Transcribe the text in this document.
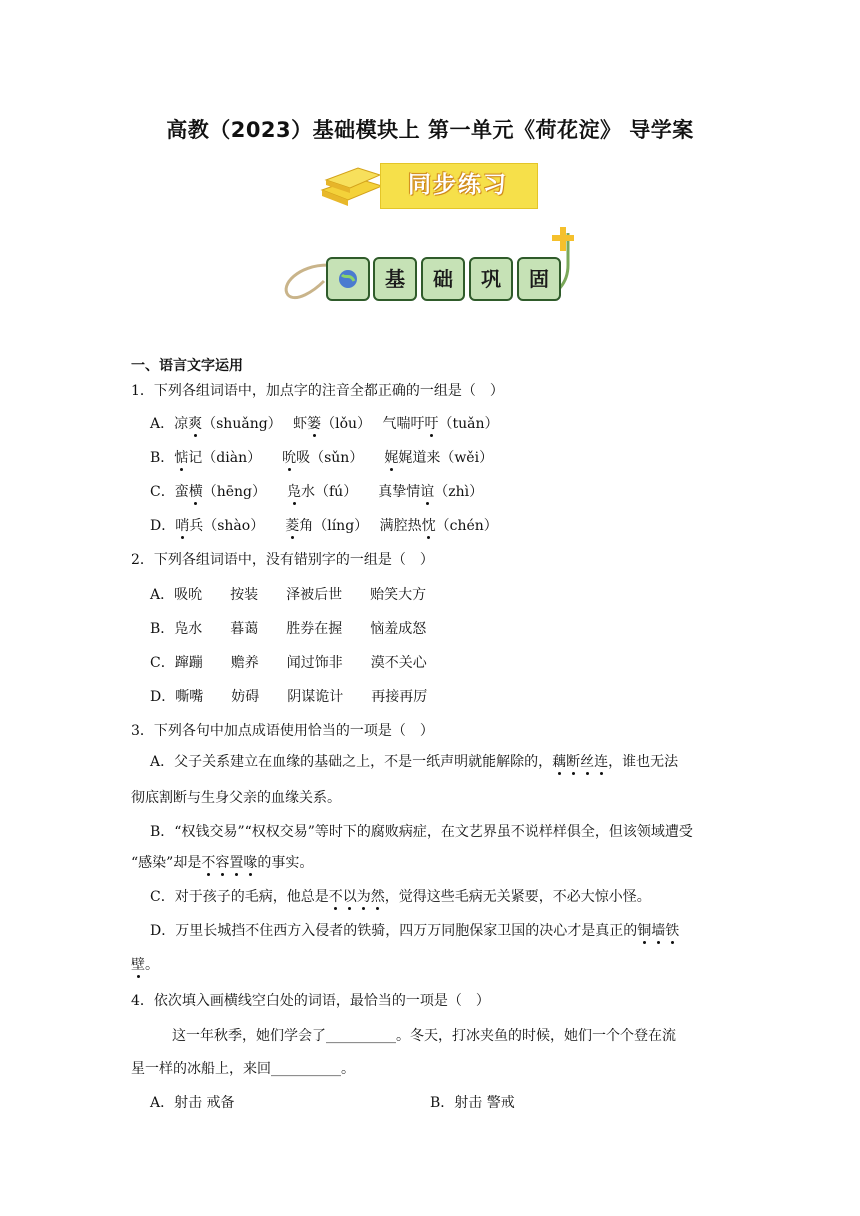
高教（2023）基础模块上 第一单元《荷花淀》 导学案
同步练习
基	础	巩	固
一、语言文字运用
1．下列各组词语中，加点字的注音全都正确的一组是（　）
A．凉爽（shuǎng）　 虾篓（lǒu）　 气喘吁吁（tuǎn）
B．惦记（diàn）　　吮吸（sǔn）　　娓娓道来（wěi）
C．蛮横（hēng）　　凫水（fú）　　真挚情谊（zhì）
D．哨兵（shào）　　菱角（líng）　 满腔热忱（chén）
2．下列各组词语中，没有错别字的一组是（　）
A．吸吮　　按装　　泽被后世　　贻笑大方
B．凫水　　暮蔼　　胜券在握　　恼羞成怒
C．蹿蹦　　赡养　　闻过饰非　　漠不关心
D．嘶嘴　　妨碍　　阴谋诡计　　再接再厉
3．下列各句中加点成语使用恰当的一项是（　）
A．父子关系建立在血缘的基础之上，不是一纸声明就能解除的，藕断丝连，谁也无法
彻底割断与生身父亲的血缘关系。
B．“权钱交易”“权权交易”等时下的腐败病症，在文艺界虽不说样样俱全，但该领域遭受
“感染”却是不容置喙的事实。
C．对于孩子的毛病，他总是不以为然，觉得这些毛病无关紧要，不必大惊小怪。
D．万里长城挡不住西方入侵者的铁骑，四万万同胞保家卫国的决心才是真正的铜墙铁
壁。
4．依次填入画横线空白处的词语，最恰当的一项是（　）
这一年秋季，她们学会了__________。冬天，打冰夹鱼的时候，她们一个个登在流
星一样的冰船上，来回__________。
A．射击 戒备	B．射击 警戒
